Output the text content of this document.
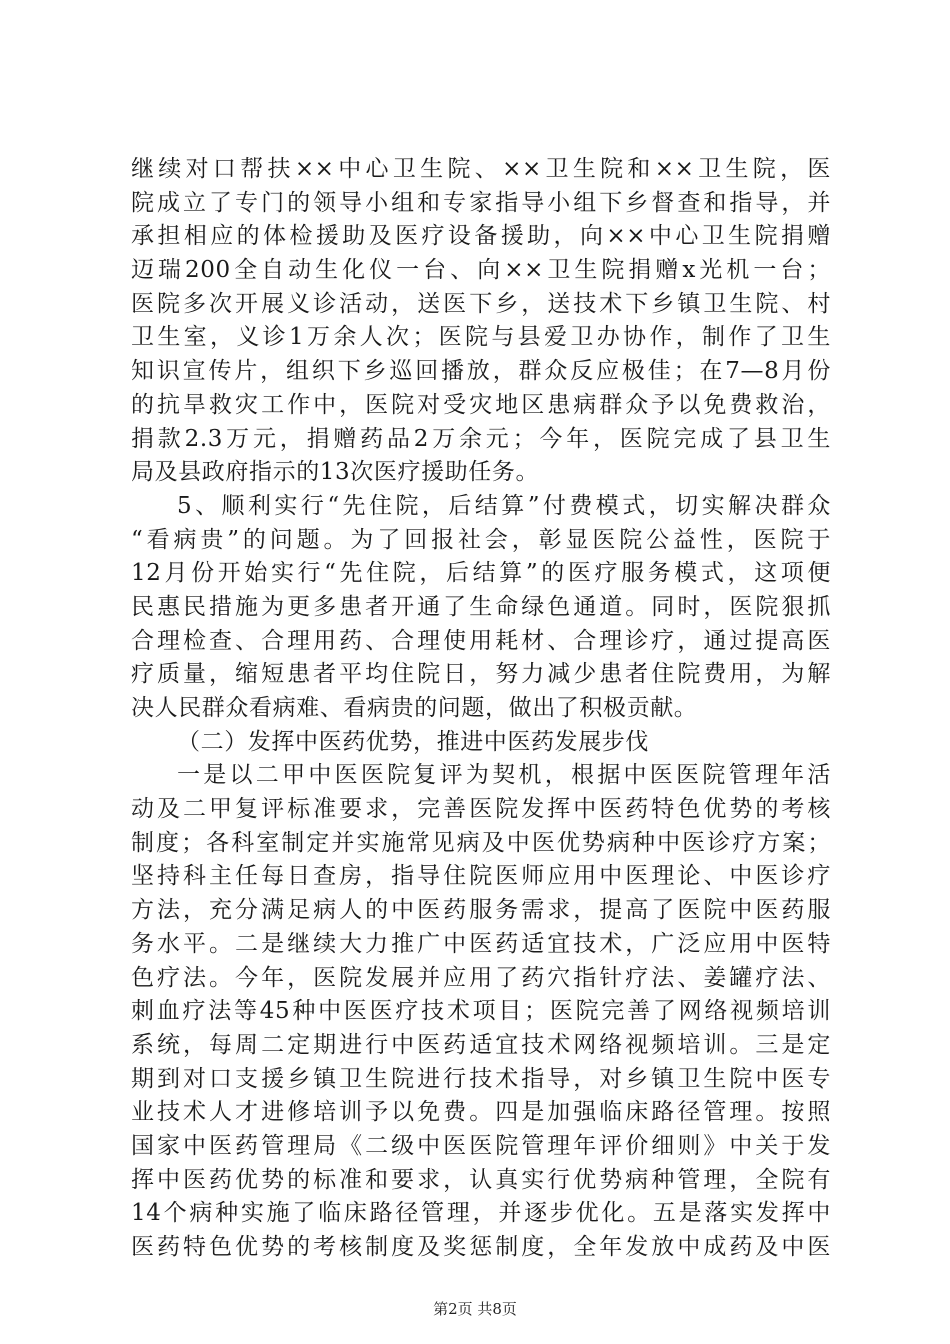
继续对口帮扶××中心卫生院、××卫生院和××卫生院，医
院成立了专门的领导小组和专家指导小组下乡督查和指导，并
承担相应的体检援助及医疗设备援助，向××中心卫生院捐赠
迈瑞200全自动生化仪一台、向××卫生院捐赠x光机一台；
医院多次开展义诊活动，送医下乡，送技术下乡镇卫生院、村
卫生室，义诊1万余人次；医院与县爱卫办协作，制作了卫生
知识宣传片，组织下乡巡回播放，群众反应极佳；在7—8月份
的抗旱救灾工作中，医院对受灾地区患病群众予以免费救治，
捐款2.3万元，捐赠药品2万余元；今年，医院完成了县卫生
局及县政府指示的13次医疗援助任务。
5、顺利实行“先住院，后结算”付费模式，切实解决群众
“看病贵”的问题。为了回报社会，彰显医院公益性，医院于
12月份开始实行“先住院，后结算”的医疗服务模式，这项便
民惠民措施为更多患者开通了生命绿色通道。同时，医院狠抓
合理检查、合理用药、合理使用耗材、合理诊疗，通过提高医
疗质量，缩短患者平均住院日，努力减少患者住院费用，为解
决人民群众看病难、看病贵的问题，做出了积极贡献。
（二）发挥中医药优势，推进中医药发展步伐
一是以二甲中医医院复评为契机，根据中医医院管理年活
动及二甲复评标准要求，完善医院发挥中医药特色优势的考核
制度；各科室制定并实施常见病及中医优势病种中医诊疗方案；
坚持科主任每日查房，指导住院医师应用中医理论、中医诊疗
方法，充分满足病人的中医药服务需求，提高了医院中医药服
务水平。二是继续大力推广中医药适宜技术，广泛应用中医特
色疗法。今年，医院发展并应用了药穴指针疗法、姜罐疗法、
刺血疗法等45种中医医疗技术项目；医院完善了网络视频培训
系统，每周二定期进行中医药适宜技术网络视频培训。三是定
期到对口支援乡镇卫生院进行技术指导，对乡镇卫生院中医专
业技术人才进修培训予以免费。四是加强临床路径管理。按照
国家中医药管理局《二级中医医院管理年评价细则》中关于发
挥中医药优势的标准和要求，认真实行优势病种管理，全院有
14个病种实施了临床路径管理，并逐步优化。五是落实发挥中
医药特色优势的考核制度及奖惩制度，全年发放中成药及中医
第2页 共8页
